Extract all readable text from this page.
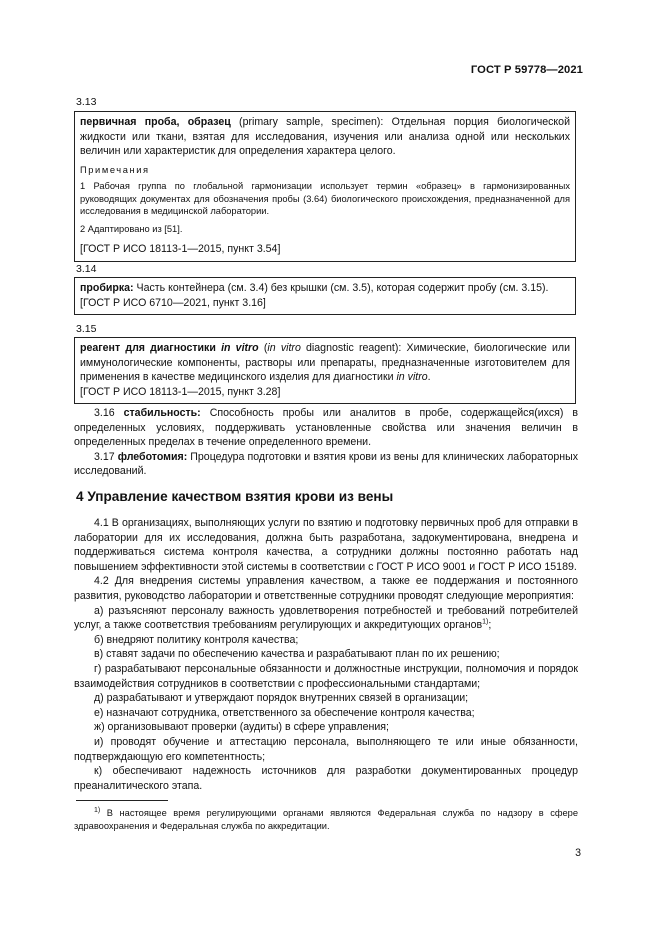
ГОСТ Р 59778—2021
3.13

первичная проба, образец (primary sample, specimen): Отдельная порция биологической жидкости или ткани, взятая для исследования, изучения или анализа одной или нескольких величин или характеристик для определения характера целого.

Примечания

1 Рабочая группа по глобальной гармонизации использует термин «образец» в гармонизированных руководящих документах для обозначения пробы (3.64) биологического происхождения, предназначенной для исследования в медицинской лаборатории.

2 Адаптировано из [51].

[ГОСТ Р ИСО 18113-1—2015, пункт 3.54]

3.14

пробирка: Часть контейнера (см. 3.4) без крышки (см. 3.5), которая содержит пробу (см. 3.15).

[ГОСТ Р ИСО 6710—2021, пункт 3.16]

3.15

реагент для диагностики in vitro (in vitro diagnostic reagent): Химические, биологические или иммунологические компоненты, растворы или препараты, предназначенные изготовителем для применения в качестве медицинского изделия для диагностики in vitro.

[ГОСТ Р ИСО 18113-1—2015, пункт 3.28]

3.16 стабильность: Способность пробы или аналитов в пробе, содержащейся(ихся) в определенных условиях, поддерживать установленные свойства или значения величин в определенных пределах в течение определенного времени.

3.17 флеботомия: Процедура подготовки и взятия крови из вены для клинических лабораторных исследований.

4 Управление качеством взятия крови из вены

4.1 В организациях, выполняющих услуги по взятию и подготовку первичных проб для отправки в лаборатории для их исследования, должна быть разработана, задокументирована, внедрена и поддерживаться система контроля качества, а сотрудники должны постоянно работать над повышением эффективности этой системы в соответствии с ГОСТ Р ИСО 9001 и ГОСТ Р ИСО 15189.

4.2 Для внедрения системы управления качеством, а также ее поддержания и постоянного развития, руководство лаборатории и ответственные сотрудники проводят следующие мероприятия:

а) разъясняют персоналу важность удовлетворения потребностей и требований потребителей услуг, а также соответствия требованиям регулирующих и аккредитующих органов$^{1)}$;

б) внедряют политику контроля качества;

в) ставят задачи по обеспечению качества и разрабатывают план по их решению;

г) разрабатывают персональные обязанности и должностные инструкции, полномочия и порядок взаимодействия сотрудников в соответствии с профессиональными стандартами;

д) разрабатывают и утверждают порядок внутренних связей в организации;

е) назначают сотрудника, ответственного за обеспечение контроля качества;

ж) организовывают проверки (аудиты) в сфере управления;

и) проводят обучение и аттестацию персонала, выполняющего те или иные обязанности, подтверждающую его компетентность;

к) обеспечивают надежность источников для разработки документированных процедур преаналитического этапа.

$^{1)}$ В настоящее время регулирующими органами являются Федеральная служба по надзору в сфере здравоохранения и Федеральная служба по аккредитации.
3
